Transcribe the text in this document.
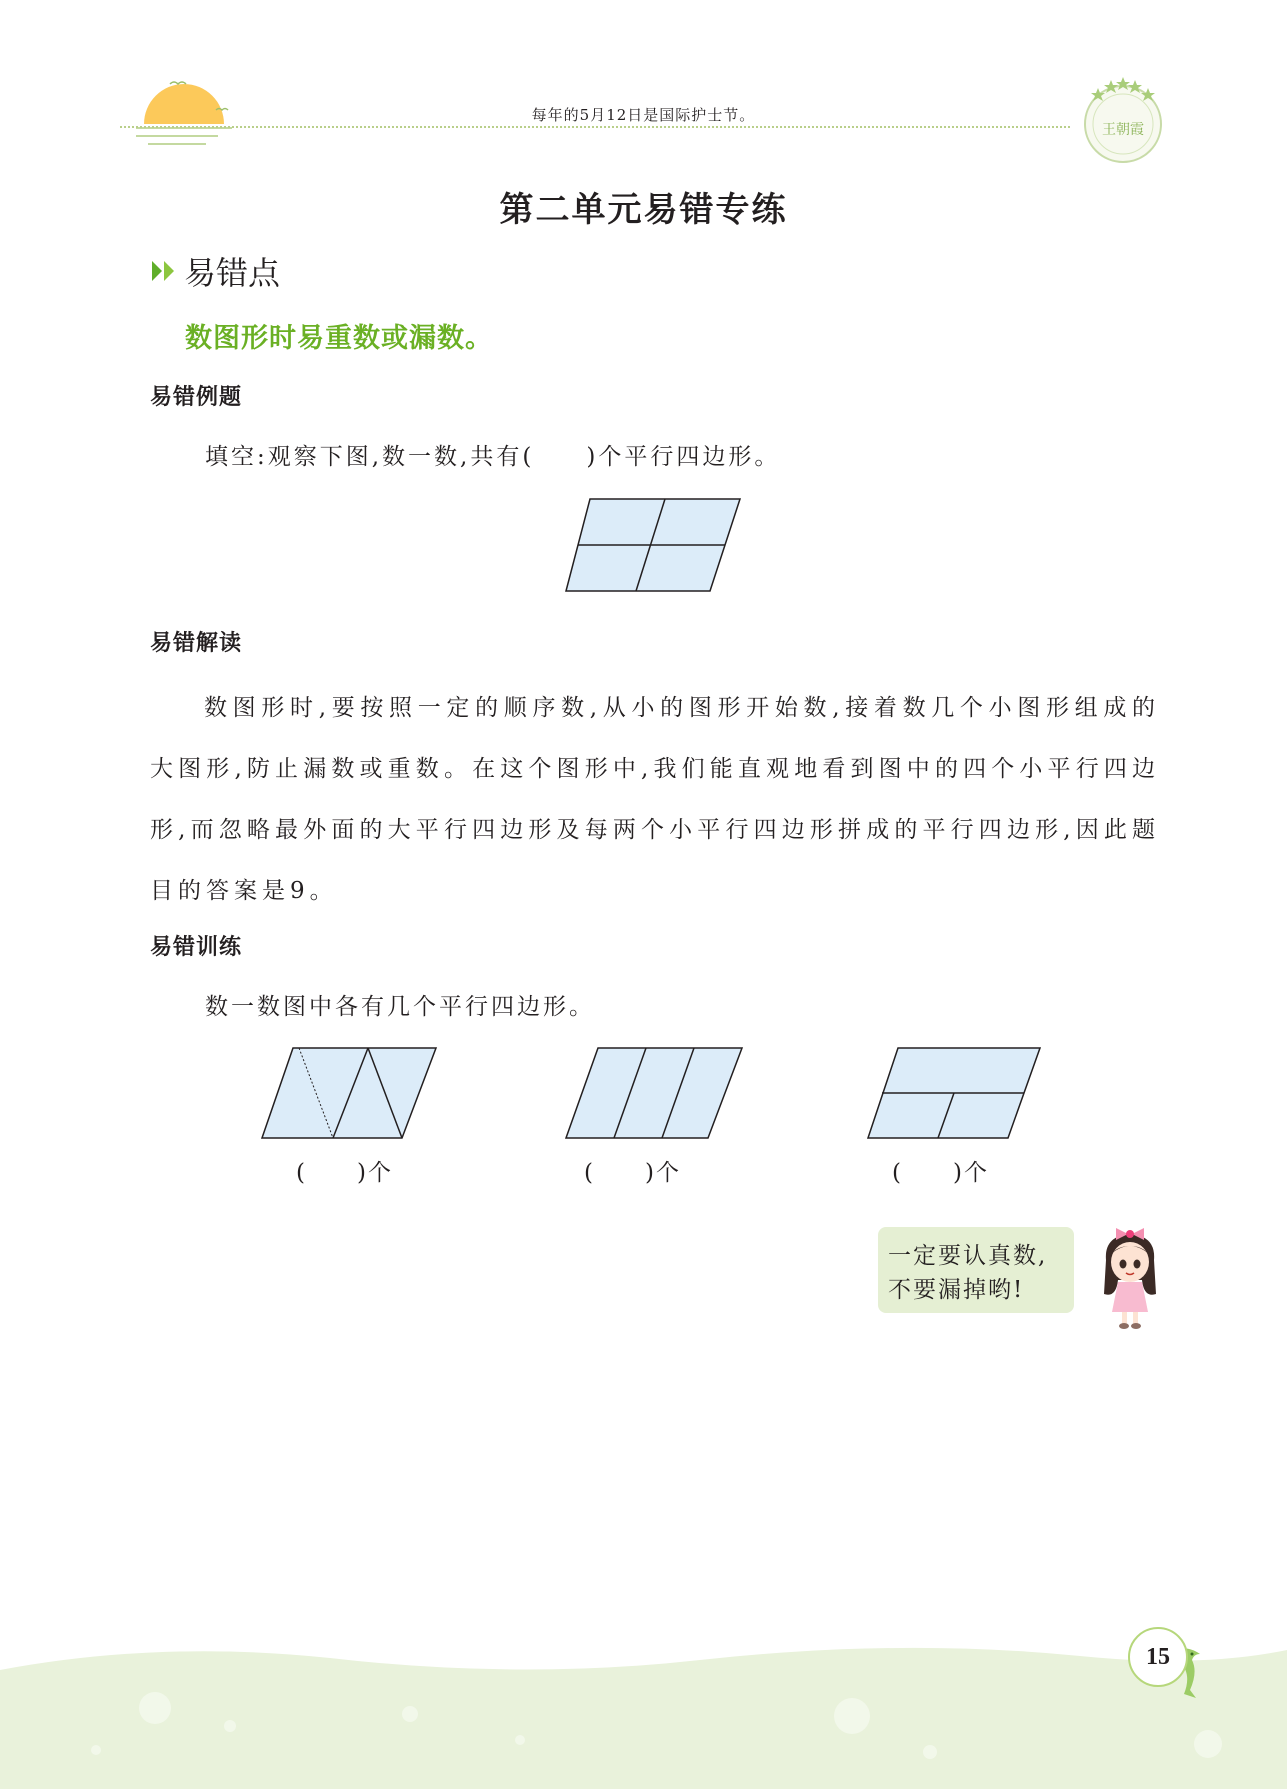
每年的5月12日是国际护士节。
王朝霞
第二单元易错专练
易错点
数图形时易重数或漏数。
易错例题
填空:观察下图,数一数,共有(　　)个平行四边形。
易错解读
数图形时,要按照一定的顺序数,从小的图形开始数,接着数几个小图形组成的大图形,防止漏数或重数。在这个图形中,我们能直观地看到图中的四个小平行四边形,而忽略最外面的大平行四边形及每两个小平行四边形拼成的平行四边形,因此题目的答案是9。
易错训练
数一数图中各有几个平行四边形。
(　　)个	(　　)个	(　　)个
一定要认真数,
不要漏掉哟!
15
